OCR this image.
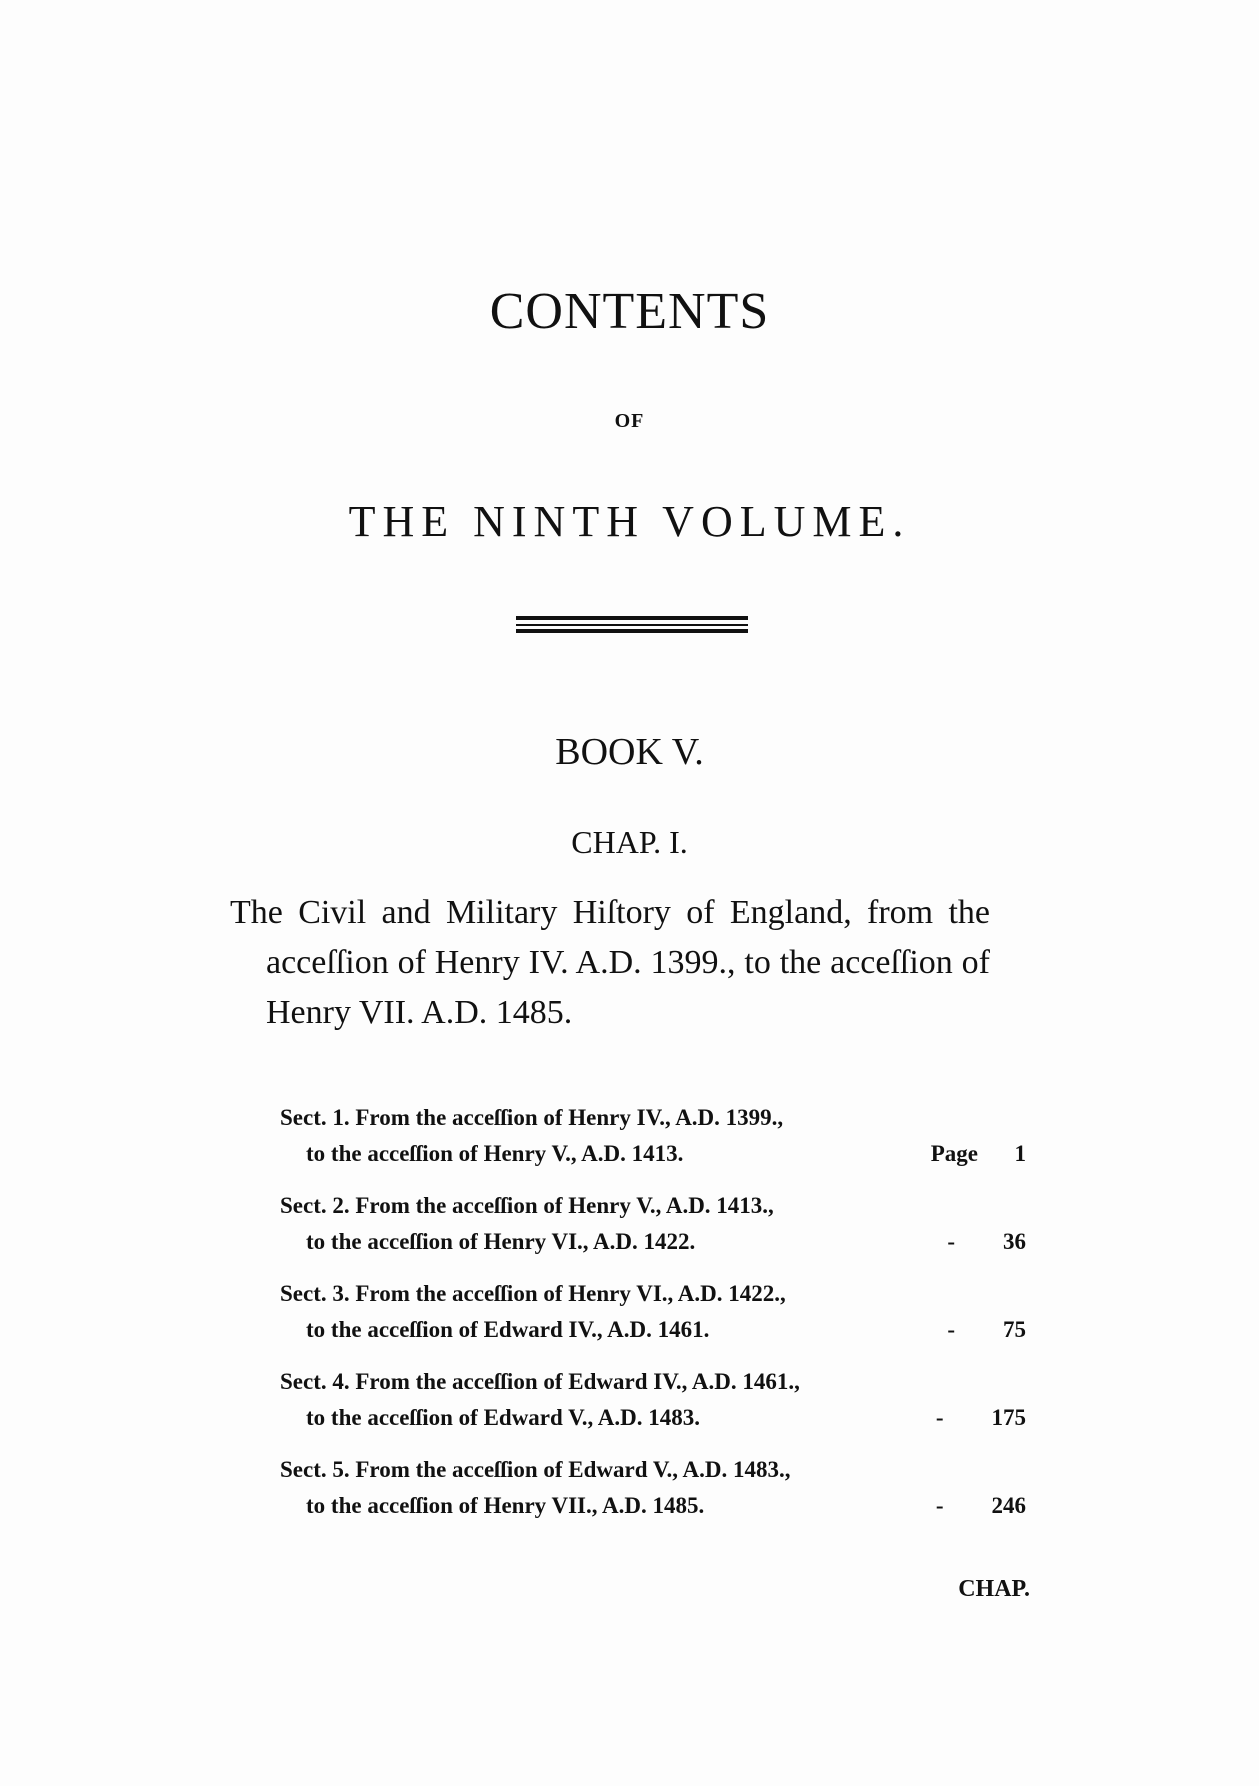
CONTENTS
OF
THE NINTH VOLUME.
BOOK V.
CHAP. I.
The Civil and Military Hiſtory of England, from the acceſſion of Henry IV. A.D. 1399., to the acceſſion of Henry VII. A.D. 1485.
Sect. 1. From the acceſſion of Henry IV., A.D. 1399.,
to the acceſſion of Henry V., A.D. 1413.	Page	1
Sect. 2. From the acceſſion of Henry V., A.D. 1413.,
to the acceſſion of Henry VI., A.D. 1422.	-	36
Sect. 3. From the acceſſion of Henry VI., A.D. 1422.,
to the acceſſion of Edward IV., A.D. 1461.	-	75
Sect. 4. From the acceſſion of Edward IV., A.D. 1461.,
to the acceſſion of Edward V., A.D. 1483.	-	175
Sect. 5. From the acceſſion of Edward V., A.D. 1483.,
to the acceſſion of Henry VII., A.D. 1485.	-	246
CHAP.
